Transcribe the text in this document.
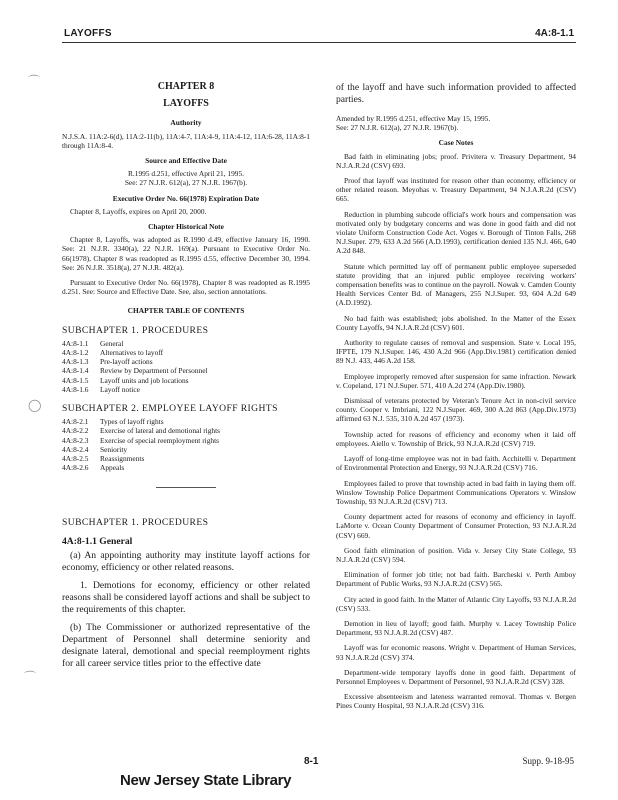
LAYOFFS	4A:8-1.1
⌒
◯
⌒
CHAPTER 8
LAYOFFS
Authority
N.J.S.A. 11A:2-6(d), 11A:2-11(b), 11A:4-7, 11A:4-9, 11A:4-12, 11A:6-28, 11A:8-1 through 11A:8-4.
Source and Effective Date
R.1995 d.251, effective April 21, 1995.
See: 27 N.J.R. 612(a), 27 N.J.R. 1967(b).
Executive Order No. 66(1978) Expiration Date
Chapter 8, Layoffs, expires on April 20, 2000.
Chapter Historical Note
Chapter 8, Layoffs, was adopted as R.1990 d.49, effective January 16, 1990. See: 21 N.J.R. 3340(a), 22 N.J.R. 169(a). Pursuant to Executive Order No. 66(1978), Chapter 8 was readopted as R.1995 d.55, effective December 30, 1994. See: 26 N.J.R. 3518(a), 27 N.J.R. 482(a).
Pursuant to Executive Order No. 66(1978), Chapter 8 was readopted as R.1995 d.251. See: Source and Effective Date. See, also, section annotations.
CHAPTER TABLE OF CONTENTS
SUBCHAPTER 1. PROCEDURES
4A:8-1.1	General
4A:8-1.2	Alternatives to layoff
4A:8-1.3	Pre-layoff actions
4A:8-1.4	Review by Department of Personnel
4A:8-1.5	Layoff units and job locations
4A:8-1.6	Layoff notice
SUBCHAPTER 2. EMPLOYEE LAYOFF RIGHTS
4A:8-2.1	Types of layoff rights
4A:8-2.2	Exercise of lateral and demotional rights
4A:8-2.3	Exercise of special reemployment rights
4A:8-2.4	Seniority
4A:8-2.5	Reassignments
4A:8-2.6	Appeals
SUBCHAPTER 1. PROCEDURES
4A:8-1.1 General
(a) An appointing authority may institute layoff actions for economy, efficiency or other related reasons.
1. Demotions for economy, efficiency or other related reasons shall be considered layoff actions and shall be subject to the requirements of this chapter.
(b) The Commissioner or authorized representative of the Department of Personnel shall determine seniority and designate lateral, demotional and special reemployment rights for all career service titles prior to the effective date
of the layoff and have such information provided to affected parties.
Amended by R.1995 d.251, effective May 15, 1995.
See: 27 N.J.R. 612(a), 27 N.J.R. 1967(b).
Case Notes
Bad faith in eliminating jobs; proof. Privitera v. Treasury Department, 94 N.J.A.R.2d (CSV) 693.
Proof that layoff was instituted for reason other than economy, efficiency or other related reason. Meyohas v. Treasury Department, 94 N.J.A.R.2d (CSV) 665.
Reduction in plumbing subcode official's work hours and compensation was motivated only by budgetary concerns and was done in good faith and did not violate Uniform Construction Code Act. Voges v. Borough of Tinton Falls, 268 N.J.Super. 279, 633 A.2d 566 (A.D.1993), certification denied 135 N.J. 466, 640 A.2d 848.
Statute which permitted lay off of permanent public employee superseded statute providing that an injured public employee receiving workers' compensation benefits was to continue on the payroll. Nowak v. Camden County Health Services Center Bd. of Managers, 255 N.J.Super. 93, 604 A.2d 649 (A.D.1992).
No bad faith was established; jobs abolished. In the Matter of the Essex County Layoffs, 94 N.J.A.R.2d (CSV) 601.
Authority to regulate causes of removal and suspension. State v. Local 195, IFPTE, 179 N.J.Super. 146, 430 A.2d 966 (App.Div.1981) certification denied 89 N.J. 433, 446 A.2d 158.
Employee improperly removed after suspension for same infraction. Newark v. Copeland, 171 N.J.Super. 571, 410 A.2d 274 (App.Div.1980).
Dismissal of veterans protected by Veteran's Tenure Act in non-civil service county. Cooper v. Imbriani, 122 N.J.Super. 469, 300 A.2d 863 (App.Div.1973) affirmed 63 N.J. 535, 310 A.2d 457 (1973).
Township acted for reasons of efficiency and economy when it laid off employees. Aiello v. Township of Brick, 93 N.J.A.R.2d (CSV) 719.
Layoff of long-time employee was not in bad faith. Acchitelli v. Department of Environmental Protection and Energy, 93 N.J.A.R.2d (CSV) 716.
Employees failed to prove that township acted in bad faith in laying them off. Winslow Township Police Department Communications Operators v. Winslow Township, 93 N.J.A.R.2d (CSV) 713.
County department acted for reasons of economy and efficiency in layoff. LaMorte v. Ocean County Department of Consumer Protection, 93 N.J.A.R.2d (CSV) 669.
Good faith elimination of position. Vida v. Jersey City State College, 93 N.J.A.R.2d (CSV) 594.
Elimination of former job title; not bad faith. Barcheski v. Perth Amboy Department of Public Works, 93 N.J.A.R.2d (CSV) 565.
City acted in good faith. In the Matter of Atlantic City Layoffs, 93 N.J.A.R.2d (CSV) 533.
Demotion in lieu of layoff; good faith. Murphy v. Lacey Township Police Department, 93 N.J.A.R.2d (CSV) 487.
Layoff was for economic reasons. Wright v. Department of Human Services, 93 N.J.A.R.2d (CSV) 374.
Department-wide temporary layoffs done in good faith. Department of Personnel Employees v. Department of Personnel, 93 N.J.A.R.2d (CSV) 328.
Excessive absenteeism and lateness warranted removal. Thomas v. Bergen Pines County Hospital, 93 N.J.A.R.2d (CSV) 316.
8-1	Supp. 9-18-95
New Jersey State Library
